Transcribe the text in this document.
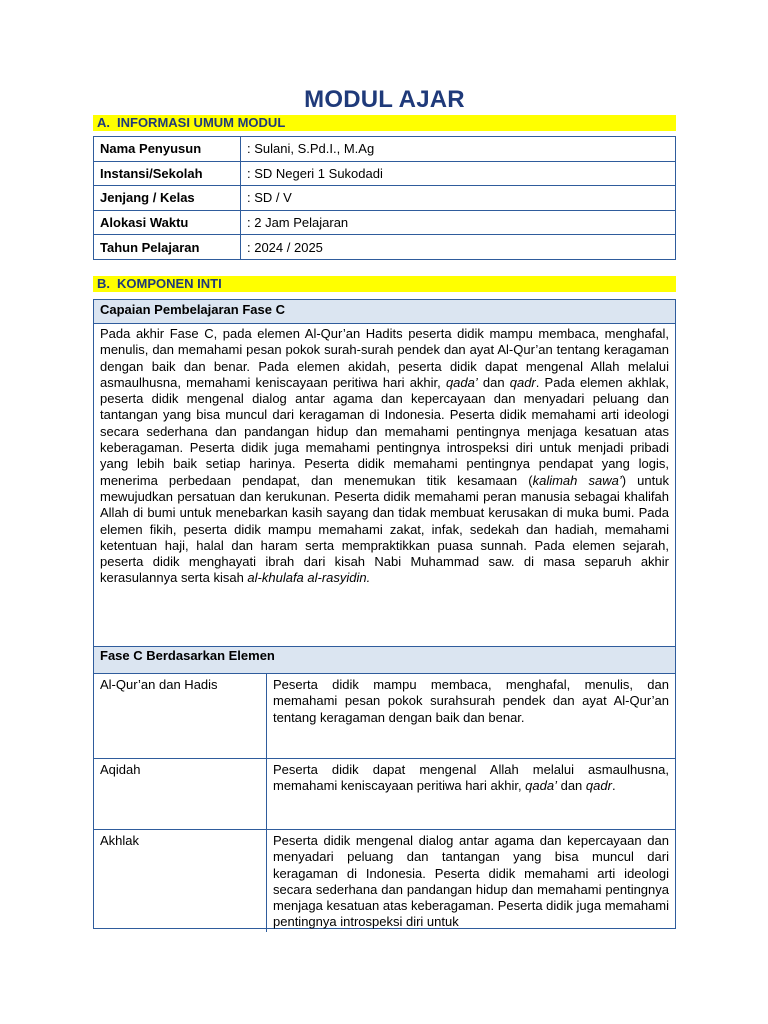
MODUL AJAR
A. INFORMASI UMUM MODUL
Nama Penyusun	: Sulani, S.Pd.I., M.Ag
Instansi/Sekolah	: SD Negeri 1 Sukodadi
Jenjang / Kelas	: SD / V
Alokasi Waktu	: 2 Jam Pelajaran
Tahun Pelajaran	: 2024 / 2025
B. KOMPONEN INTI
Capaian Pembelajaran Fase C
Pada akhir Fase C, pada elemen Al-Qur’an Hadits peserta didik mampu membaca, menghafal, menulis, dan memahami pesan pokok surah-surah pendek dan ayat Al-Qur’an tentang keragaman dengan baik dan benar. Pada elemen akidah, peserta didik dapat mengenal Allah melalui asmaulhusna, memahami keniscayaan peritiwa hari akhir, qada’ dan qadr. Pada elemen akhlak, peserta didik mengenal dialog antar agama dan kepercayaan dan menyadari peluang dan tantangan yang bisa muncul dari keragaman di Indonesia. Peserta didik memahami arti ideologi secara sederhana dan pandangan hidup dan memahami pentingnya menjaga kesatuan atas keberagaman. Peserta didik juga memahami pentingnya introspeksi diri untuk menjadi pribadi yang lebih baik setiap harinya. Peserta didik memahami pentingnya pendapat yang logis, menerima perbedaan pendapat, dan menemukan titik kesamaan (kalimah sawa’) untuk mewujudkan persatuan dan kerukunan. Peserta didik memahami peran manusia sebagai khalifah Allah di bumi untuk menebarkan kasih sayang dan tidak membuat kerusakan di muka bumi. Pada elemen fikih, peserta didik mampu memahami zakat, infak, sedekah dan hadiah, memahami ketentuan haji, halal dan haram serta mempraktikkan puasa sunnah. Pada elemen sejarah, peserta didik menghayati ibrah dari kisah Nabi Muhammad saw. di masa separuh akhir kerasulannya serta kisah al-khulafa al-rasyidin.
Fase C Berdasarkan Elemen
Al-Qur’an dan Hadis	Peserta didik mampu membaca, menghafal, menulis, dan memahami pesan pokok surahsurah pendek dan ayat Al-Qur’an tentang keragaman dengan baik dan benar.
Aqidah	Peserta didik dapat mengenal Allah melalui asmaulhusna, memahami keniscayaan peritiwa hari akhir, qada’ dan qadr.
Akhlak	Peserta didik mengenal dialog antar agama dan kepercayaan dan menyadari peluang dan tantangan yang bisa muncul dari keragaman di Indonesia. Peserta didik memahami arti ideologi secara sederhana dan pandangan hidup dan memahami pentingnya menjaga kesatuan atas keberagaman. Peserta didik juga memahami pentingnya introspeksi diri untuk
